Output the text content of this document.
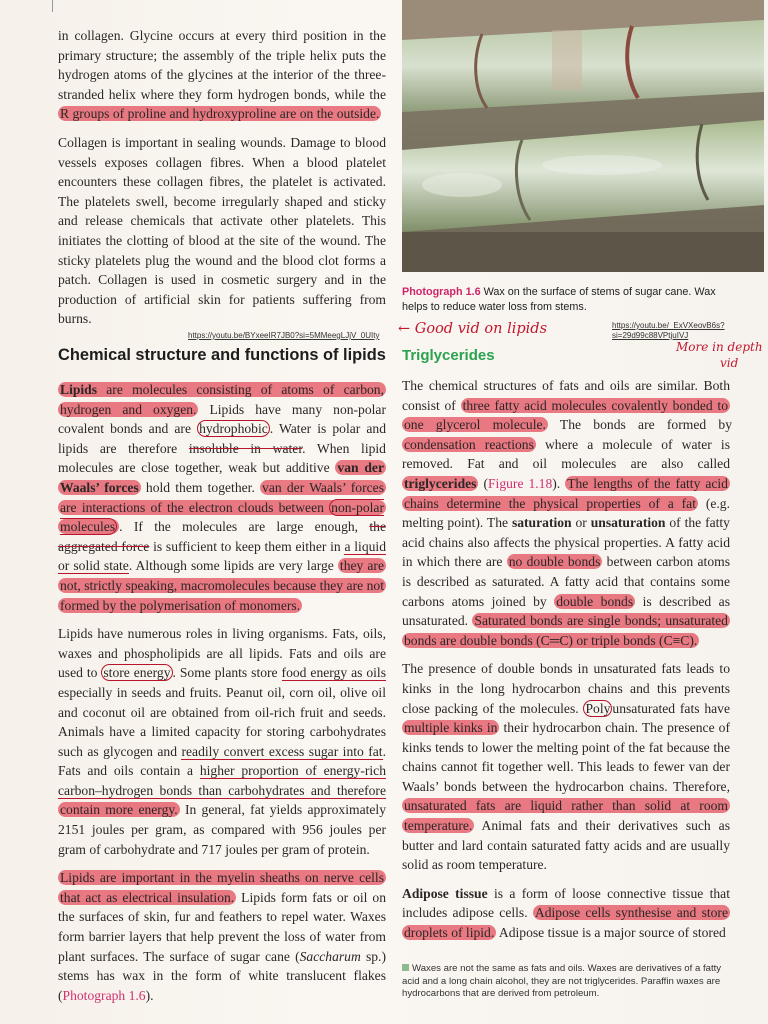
in collagen. Glycine occurs at every third position in the primary structure; the assembly of the triple helix puts the hydrogen atoms of the glycines at the interior of the three-stranded helix where they form hydrogen bonds, while the R groups of proline and hydroxyproline are on the outside.

Collagen is important in sealing wounds. Damage to blood vessels exposes collagen fibres. When a blood platelet encounters these collagen fibres, the platelet is activated. The platelets swell, become irregularly shaped and sticky and release chemicals that activate other platelets. This initiates the clotting of blood at the site of the wound. The sticky platelets plug the wound and the blood clot forms a patch. Collagen is used in cosmetic surgery and in the production of artificial skin for patients suffering from burns.

Photograph 1.6 Wax on the surface of stems of sugar cane. Wax helps to reduce water loss from stems.
https://youtu.be/BYxeeIR7JB0?si=5MMeegLJjV_0UIty ← Good vid on lipids	https://youtu.be/_ExVXeovB6s?
si=29d99c88VPtjuIVJ
More in depth
vid
Chemical structure and functions of lipids Triglycerides

Lipids are molecules consisting of atoms of carbon, hydrogen and oxygen. Lipids have many non-polar covalent bonds and are hydrophobic . Water is polar and lipids are therefore insoluble in water. When lipid molecules are close together, weak but additive van der Waals’ forces hold them together. van der Waals’ forces are interactions of the electron clouds between non-polar molecules . If the molecules are large enough, the aggregated force is sufficient to keep them either in a liquid or solid state. Although some lipids are very large they are not, strictly speaking, macromolecules because they are not formed by the polymerisation of monomers.

Lipids have numerous roles in living organisms. Fats, oils, waxes and phospholipids are all lipids. Fats and oils are used to store energy . Some plants store food energy as oils especially in seeds and fruits. Peanut oil, corn oil, olive oil and coconut oil are obtained from oil-rich fruit and seeds. Animals have a limited capacity for storing carbohydrates such as glycogen and readily convert excess sugar into fat. Fats and oils contain a higher proportion of energy-rich carbon–hydrogen bonds than carbohydrates and therefore contain more energy. In general, fat yields approximately 2151 joules per gram, as compared with 956 joules per gram of carbohydrate and 717 joules per gram of protein.

Lipids are important in the myelin sheaths on nerve cells that act as electrical insulation. Lipids form fats or oil on the surfaces of skin, fur and feathers to repel water. Waxes form barrier layers that help prevent the loss of water from plant surfaces. The surface of sugar cane (Saccharum sp.) stems has wax in the form of white translucent flakes (Photograph 1.6).

The chemical structures of fats and oils are similar. Both consist of three fatty acid molecules covalently bonded to one glycerol molecule. The bonds are formed by condensation reactions where a molecule of water is removed. Fat and oil molecules are also called triglycerides (Figure 1.18). The lengths of the fatty acid chains determine the physical properties of a fat (e.g. melting point). The saturation or unsaturation of the fatty acid chains also affects the physical properties. A fatty acid in which there are no double bonds between carbon atoms is described as saturated. A fatty acid that contains some carbons atoms joined by double bonds is described as unsaturated. Saturated bonds are single bonds; unsaturated bonds are double bonds (C═C) or triple bonds (C≡C).

The presence of double bonds in unsaturated fats leads to kinks in the long hydrocarbon chains and this prevents close packing of the molecules. Poly unsaturated fats have multiple kinks in their hydrocarbon chain. The presence of kinks tends to lower the melting point of the fat because the chains cannot fit together well. This leads to fewer van der Waals’ bonds between the hydrocarbon chains. Therefore, unsaturated fats are liquid rather than solid at room temperature. Animal fats and their derivatives such as butter and lard contain saturated fatty acids and are usually solid as room temperature.

Adipose tissue is a form of loose connective tissue that includes adipose cells. Adipose cells synthesise and store droplets of lipid. Adipose tissue is a major source of stored

Waxes are not the same as fats and oils. Waxes are derivatives of a fatty acid and a long chain alcohol, they are not triglycerides. Paraffin waxes are hydrocarbons that are derived from petroleum.
